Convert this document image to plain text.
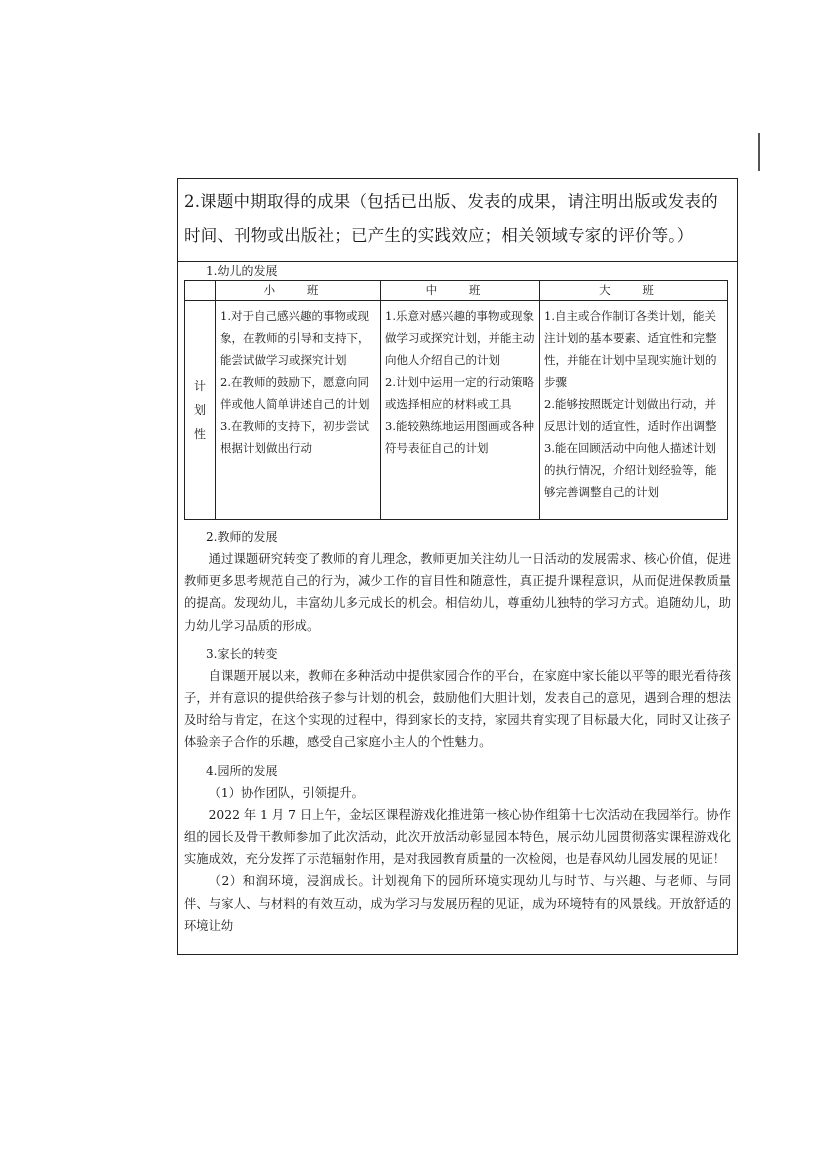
2.课题中期取得的成果（包括已出版、发表的成果，请注明出版或发表的时间、刊物或出版社；已产生的实践效应；相关领域专家的评价等。）
1.幼儿的发展
	小 班	中 班	大 班
计
划
性	1.对于自己感兴趣的事物或现象，在教师的引导和支持下，能尝试做学习或探究计划
2.在教师的鼓励下，愿意向同伴或他人简单讲述自己的计划
3.在教师的支持下，初步尝试根据计划做出行动	1.乐意对感兴趣的事物或现象做学习或探究计划，并能主动向他人介绍自己的计划
2.计划中运用一定的行动策略或选择相应的材料或工具
3.能较熟练地运用图画或各种符号表征自己的计划	1.自主或合作制订各类计划，能关注计划的基本要素、适宜性和完整性，并能在计划中呈现实施计划的步骤
2.能够按照既定计划做出行动，并反思计划的适宜性，适时作出调整
3.能在回顾活动中向他人描述计划的执行情况，介绍计划经验等，能够完善调整自己的计划
2.教师的发展

通过课题研究转变了教师的育儿理念，教师更加关注幼儿一日活动的发展需求、核心价值，促进教师更多思考规范自己的行为，减少工作的盲目性和随意性，真正提升课程意识，从而促进保教质量的提高。发现幼儿，丰富幼儿多元成长的机会。相信幼儿，尊重幼儿独特的学习方式。追随幼儿，助力幼儿学习品质的形成。

3.家长的转变

自课题开展以来，教师在多种活动中提供家园合作的平台，在家庭中家长能以平等的眼光看待孩子，并有意识的提供给孩子参与计划的机会，鼓励他们大胆计划，发表自己的意见，遇到合理的想法及时给与肯定，在这个实现的过程中，得到家长的支持，家园共育实现了目标最大化，同时又让孩子体验亲子合作的乐趣，感受自己家庭小主人的个性魅力。

4.园所的发展

（1）协作团队，引领提升。

2022 年 1 月 7 日上午，金坛区课程游戏化推进第一核心协作组第十七次活动在我园举行。协作组的园长及骨干教师参加了此次活动，此次开放活动彰显园本特色，展示幼儿园贯彻落实课程游戏化实施成效，充分发挥了示范辐射作用，是对我园教育质量的一次检阅，也是春风幼儿园发展的见证！

（2）和润环境，浸润成长。计划视角下的园所环境实现幼儿与时节、与兴趣、与老师、与同伴、与家人、与材料的有效互动，成为学习与发展历程的见证，成为环境特有的风景线。开放舒适的环境让幼
